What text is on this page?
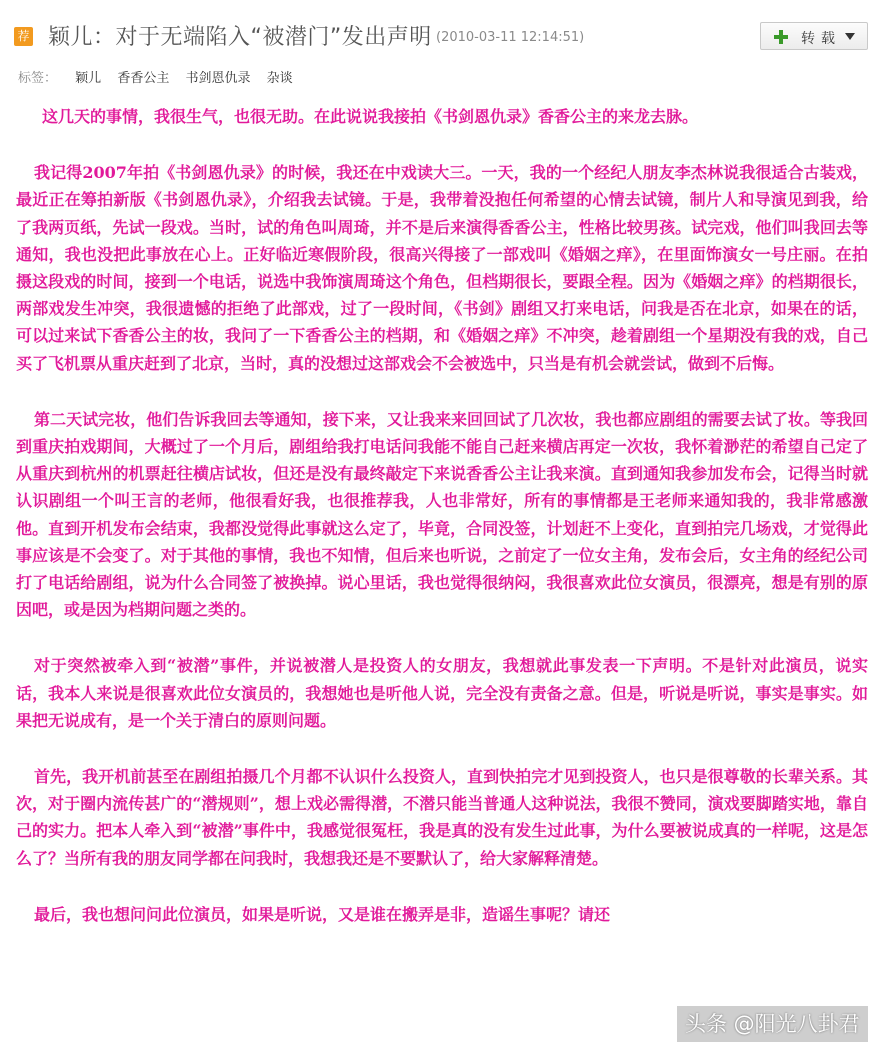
荐 颖儿：对于无端陷入“被潜门”发出声明 (2010-03-11 12:14:51)	转载
标签： 颖儿 香香公主 书剑恩仇录 杂谈

这几天的事情，我很生气，也很无助。在此说说我接拍《书剑恩仇录》香香公主的来龙去脉。

我记得2007年拍《书剑恩仇录》的时候，我还在中戏读大三。一天，我的一个经纪人朋友李杰林说我很适合古装戏，最近正在筹拍新版《书剑恩仇录》，介绍我去试镜。于是，我带着没抱任何希望的心情去试镜，制片人和导演见到我，给了我两页纸，先试一段戏。当时，试的角色叫周琦，并不是后来演得香香公主，性格比较男孩。试完戏，他们叫我回去等通知，我也没把此事放在心上。正好临近寒假阶段，很高兴得接了一部戏叫《婚姻之痒》，在里面饰演女一号庄丽。在拍摄这段戏的时间，接到一个电话，说选中我饰演周琦这个角色，但档期很长，要跟全程。因为《婚姻之痒》的档期很长，两部戏发生冲突，我很遗憾的拒绝了此部戏，过了一段时间，《书剑》剧组又打来电话，问我是否在北京，如果在的话，可以过来试下香香公主的妆，我问了一下香香公主的档期，和《婚姻之痒》不冲突，趁着剧组一个星期没有我的戏，自己买了飞机票从重庆赶到了北京，当时，真的没想过这部戏会不会被选中，只当是有机会就尝试，做到不后悔。

第二天试完妆，他们告诉我回去等通知，接下来，又让我来来回回试了几次妆，我也都应剧组的需要去试了妆。等我回到重庆拍戏期间，大概过了一个月后，剧组给我打电话问我能不能自己赶来横店再定一次妆，我怀着渺茫的希望自己定了从重庆到杭州的机票赶往横店试妆，但还是没有最终敲定下来说香香公主让我来演。直到通知我参加发布会，记得当时就认识剧组一个叫王言的老师，他很看好我，也很推荐我，人也非常好，所有的事情都是王老师来通知我的，我非常感激他。直到开机发布会结束，我都没觉得此事就这么定了，毕竟，合同没签，计划赶不上变化，直到拍完几场戏，才觉得此事应该是不会变了。对于其他的事情，我也不知情，但后来也听说，之前定了一位女主角，发布会后，女主角的经纪公司打了电话给剧组，说为什么合同签了被换掉。说心里话，我也觉得很纳闷，我很喜欢此位女演员，很漂亮，想是有别的原因吧，或是因为档期问题之类的。

对于突然被牵入到“被潜”事件，并说被潜人是投资人的女朋友，我想就此事发表一下声明。不是针对此演员，说实话，我本人来说是很喜欢此位女演员的，我想她也是听他人说，完全没有责备之意。但是，听说是听说，事实是事实。如果把无说成有，是一个关于清白的原则问题。

首先，我开机前甚至在剧组拍摄几个月都不认识什么投资人，直到快拍完才见到投资人，也只是很尊敬的长辈关系。其次，对于圈内流传甚广的“潜规则”，想上戏必需得潜，不潜只能当普通人这种说法，我很不赞同，演戏要脚踏实地，靠自己的实力。把本人牵入到“被潜”事件中，我感觉很冤枉，我是真的没有发生过此事，为什么要被说成真的一样呢，这是怎么了？当所有我的朋友同学都在问我时，我想我还是不要默认了，给大家解释清楚。

最后，我也想问问此位演员，如果是听说，又是谁在搬弄是非，造谣生事呢？请还

头条 @阳光八卦君
